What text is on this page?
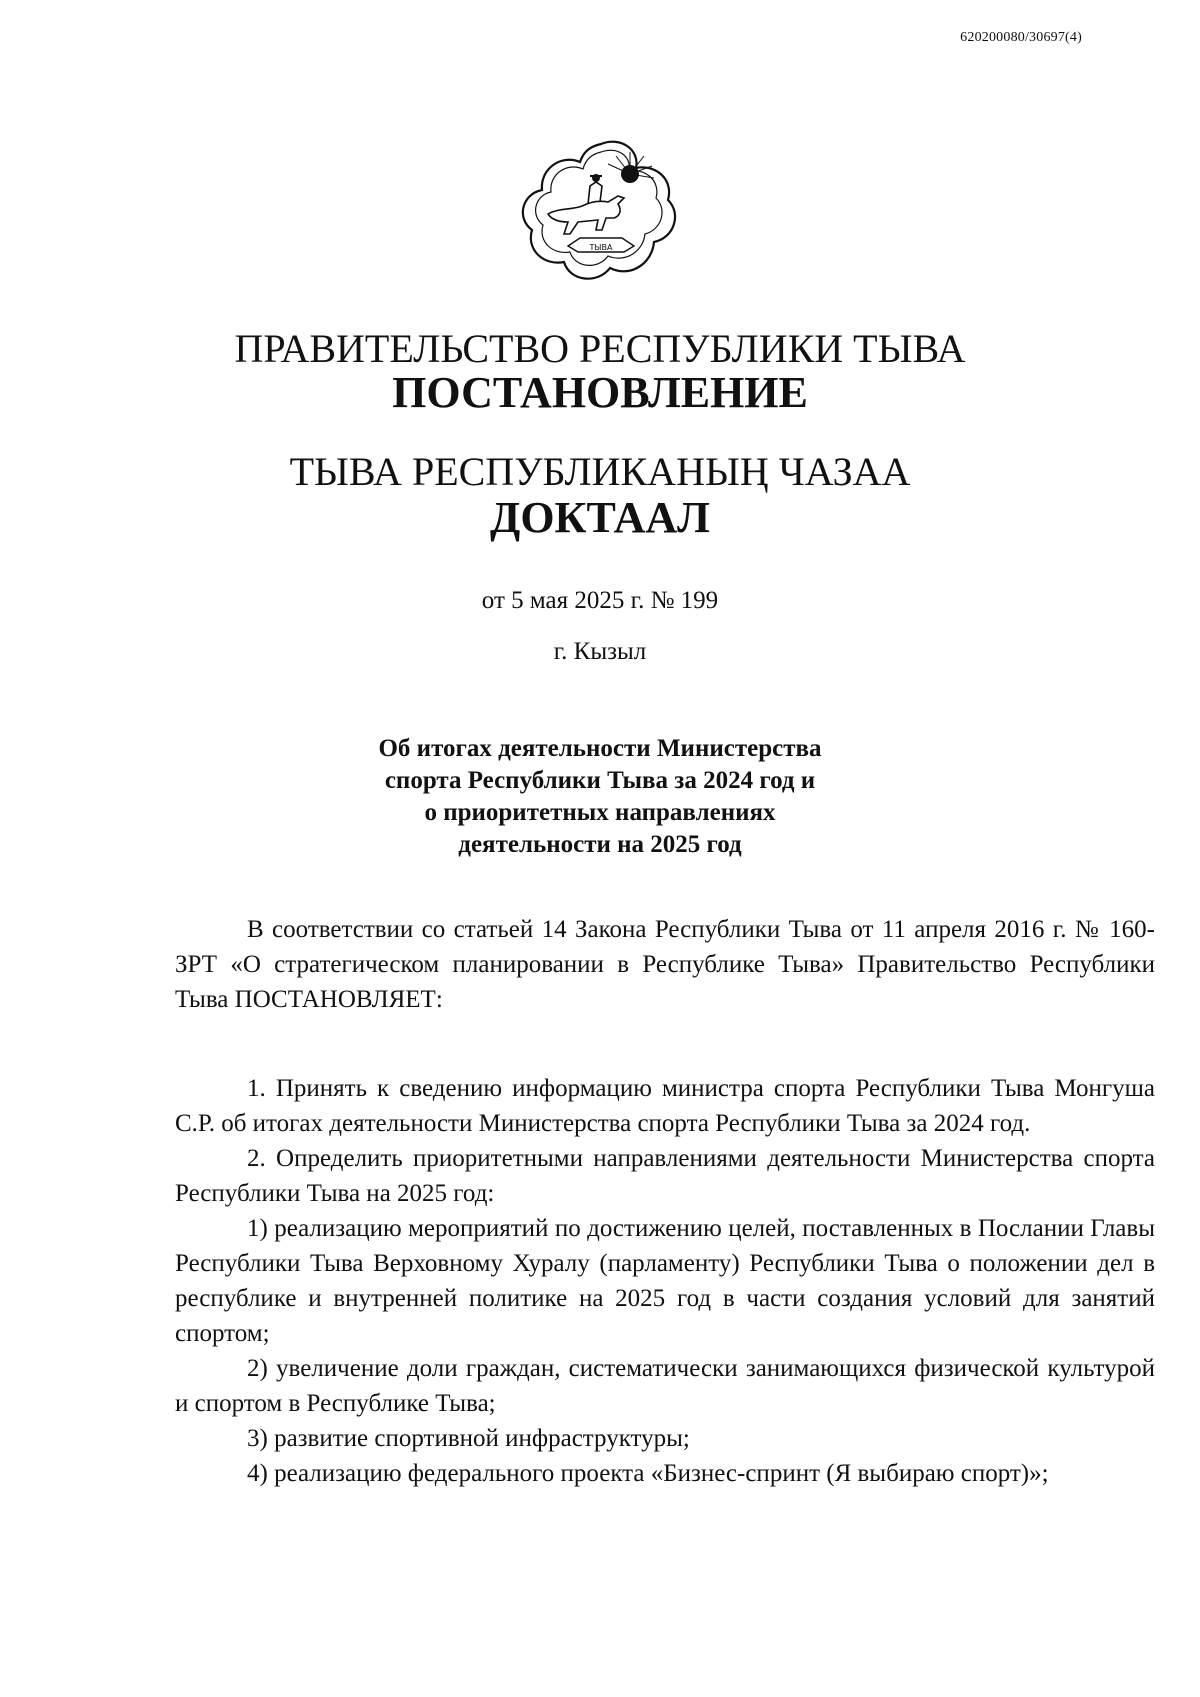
620200080/30697(4)
ТЫВА
ПРАВИТЕЛЬСТВО РЕСПУБЛИКИ ТЫВА
ПОСТАНОВЛЕНИЕ
ТЫВА РЕСПУБЛИКАНЫҢ ЧАЗАА
ДОКТААЛ
от 5 мая 2025 г. № 199
г. Кызыл
Об итогах деятельности Министерства
спорта Республики Тыва за 2024 год и
о приоритетных направлениях
деятельности на 2025 год

В соответствии со статьей 14 Закона Республики Тыва от 11 апреля 2016 г. № 160-ЗРТ «О стратегическом планировании в Республике Тыва» Правительство Республики Тыва ПОСТАНОВЛЯЕТ:

1. Принять к сведению информацию министра спорта Республики Тыва Монгуша С.Р. об итогах деятельности Министерства спорта Республики Тыва за 2024 год.

2. Определить приоритетными направлениями деятельности Министерства спорта Республики Тыва на 2025 год:

1) реализацию мероприятий по достижению целей, поставленных в Послании Главы Республики Тыва Верховному Хуралу (парламенту) Республики Тыва о положении дел в республике и внутренней политике на 2025 год в части создания условий для занятий спортом;

2) увеличение доли граждан, систематически занимающихся физической культурой и спортом в Республике Тыва;

3) развитие спортивной инфраструктуры;

4) реализацию федерального проекта «Бизнес-спринт (Я выбираю спорт)»;
